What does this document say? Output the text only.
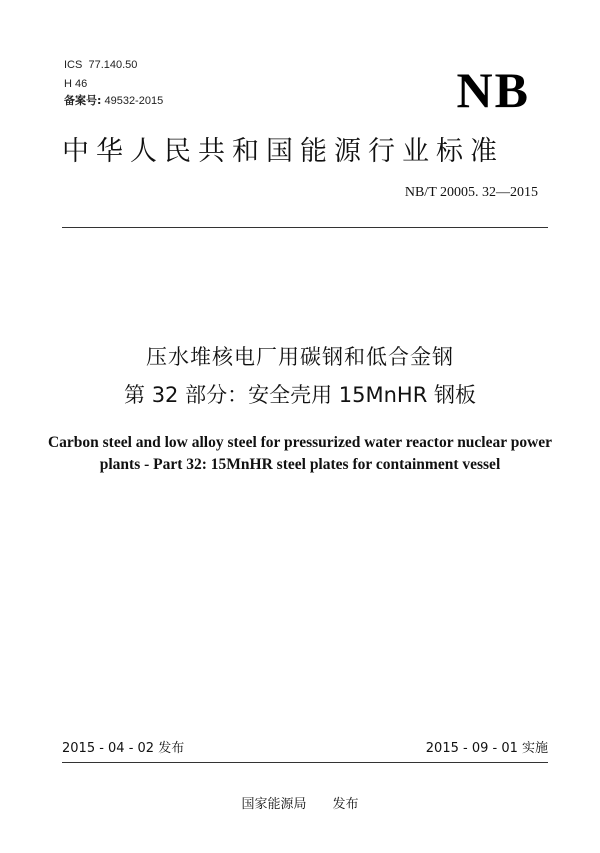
ICS 77.140.50
H 46
备案号: 49532-2015	NB
中华人民共和国能源行业标准
NB/T 20005. 32—2015
压水堆核电厂用碳钢和低合金钢
第 32 部分：安全壳用 15MnHR 钢板
Carbon steel and low alloy steel for pressurized water reactor nuclear power
plants - Part 32: 15MnHR steel plates for containment vessel
2015 - 04 - 02 发布	2015 - 09 - 01 实施
国家能源局 发布
